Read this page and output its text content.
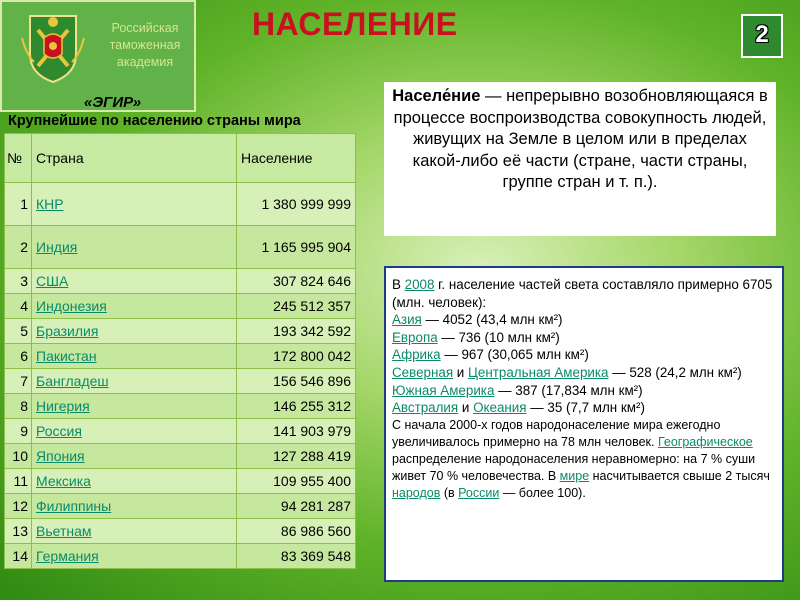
Российская таможенная академия
«ЭГИР»
НАСЕЛЕНИЕ	2
Крупнейшие по населению страны мира
№	Страна	Население
1	КНР	1 380 999 999
2	Индия	1 165 995 904
3	США	307 824 646
4	Индонезия	245 512 357
5	Бразилия	193 342 592
6	Пакистан	172 800 042
7	Бангладеш	156 546 896
8	Нигерия	146 255 312
9	Россия	141 903 979
10	Япония	127 288 419
11	Мексика	109 955 400
12	Филиппины	94 281 287
13	Вьетнам	86 986 560
14	Германия	83 369 548
Населе́ние — непрерывно возобновляющаяся в процессе воспроизводства совокупность людей, живущих на Земле в целом или в пределах какой-либо её части (стране, части страны, группе стран и т. п.).
В 2008 г. население частей света составляло примерно 6705 (млн. человек):
Азия — 4052 (43,4 млн км²)
Европа — 736 (10 млн км²)
Африка — 967 (30,065 млн км²)
Северная и Центральная Америка — 528 (24,2 млн км²)
Южная Америка — 387 (17,834 млн км²)
Австралия и Океания — 35 (7,7 млн км²)
С начала 2000-х годов народонаселение мира ежегодно увеличивалось примерно на 78 млн человек. Географическое распределение народонаселения неравномерно: на 7 % суши живет 70 % человечества. В мире насчитывается свыше 2 тысяч народов (в России — более 100).
